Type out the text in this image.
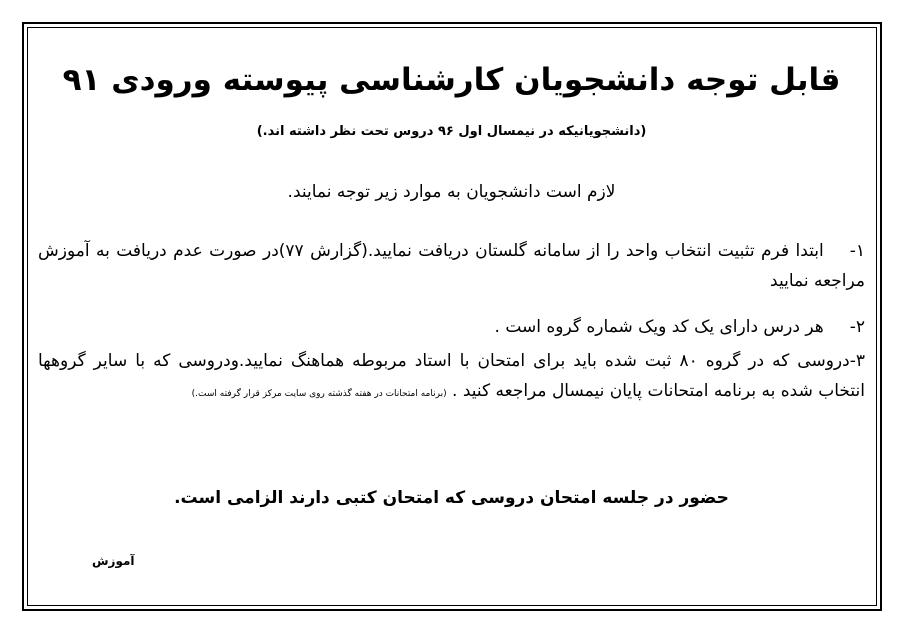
قابل توجه دانشجویان کارشناسی پیوسته ورودی ۹۱
(دانشجویانیکه در نیمسال اول ۹۶ دروس تحت نظر داشته اند.)
لازم است دانشجویان به موارد زیر توجه نمایند.
۱-ابتدا فرم تثبیت انتخاب واحد را از سامانه گلستان دریافت نمایید.(گزارش ۷۷)در صورت عدم دریافت به آموزش مراجعه نمایید
۲-هر درس دارای یک کد ویک شماره گروه است .
۳-دروسی که در گروه ۸۰ ثبت شده باید برای امتحان با استاد مربوطه هماهنگ نمایید.ودروسی که با سایر گروهها انتخاب شده به برنامه امتحانات پایان نیمسال مراجعه کنید . (برنامه امتحانات در هفته گذشته روی سایت مرکز قرار گرفته است.)
حضور در جلسه امتحان دروسی که امتحان کتبی دارند الزامی است.
آموزش
